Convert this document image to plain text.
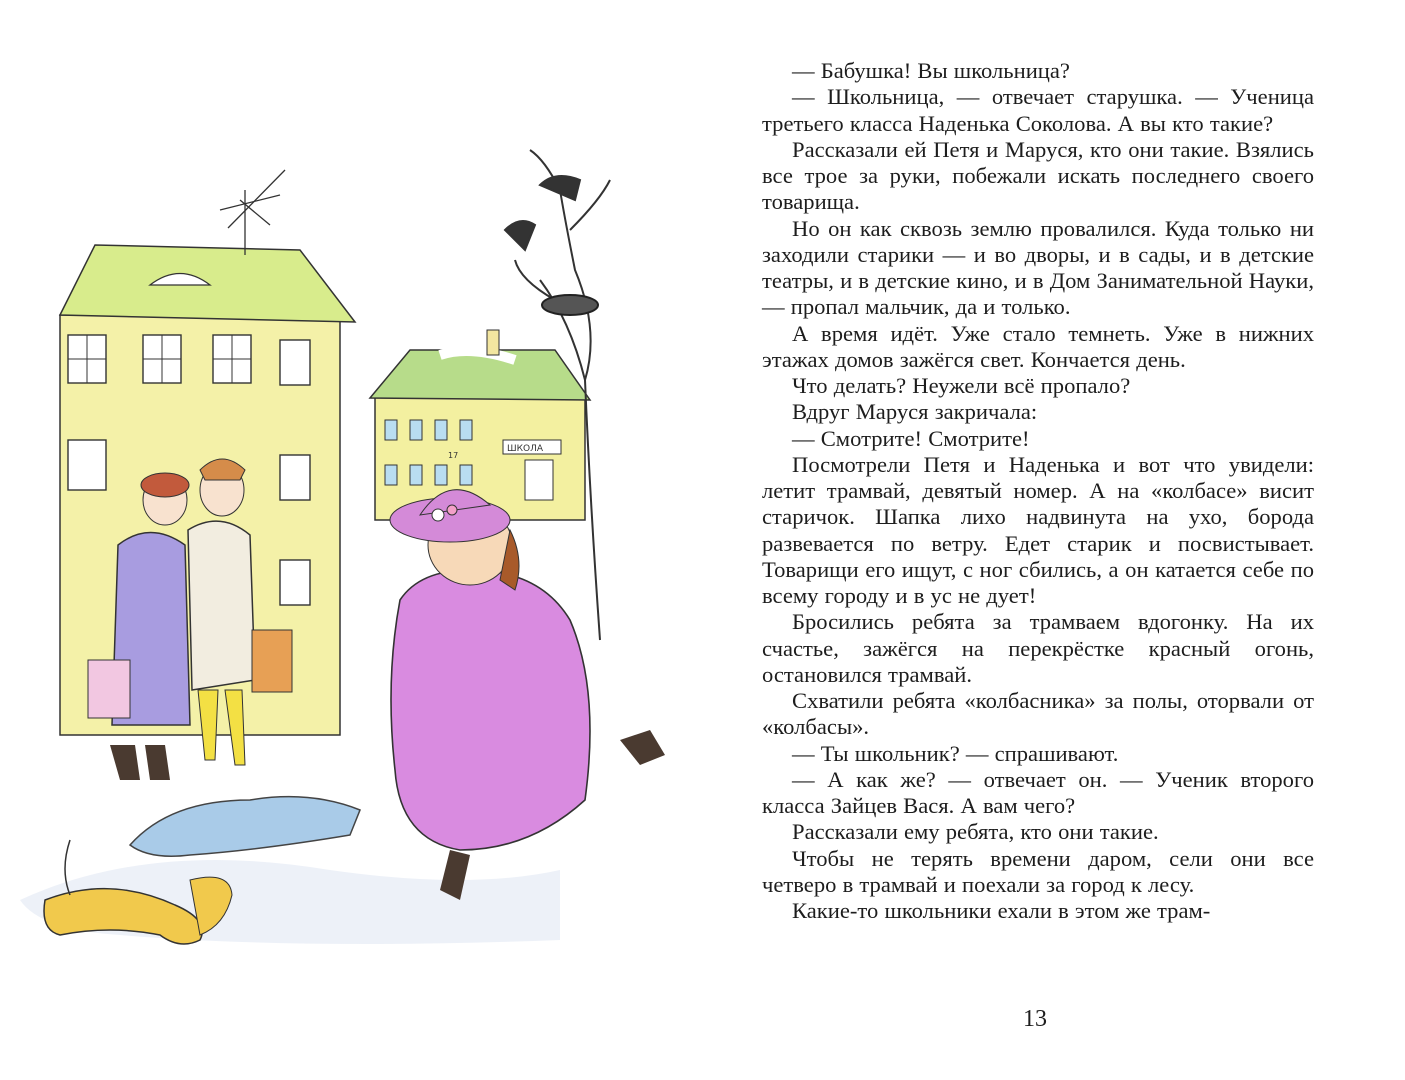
ШКОЛА
17

— Бабушка! Вы школьница?

— Школьница, — отвечает старушка. — Ученица третьего класса Наденька Соколова. А вы кто такие?

Рассказали ей Петя и Маруся, кто они такие. Взялись все трое за руки, побежали искать последнего своего товарища.

Но он как сквозь землю провалился. Куда только ни заходили старики — и во дворы, и в сады, и в детские театры, и в детские кино, и в Дом Занимательной Науки, — пропал мальчик, да и только.

А время идёт. Уже стало темнеть. Уже в нижних этажах домов зажёгся свет. Кончается день.

Что делать? Неужели всё пропало?

Вдруг Маруся закричала:

— Смотрите! Смотрите!

Посмотрели Петя и Наденька и вот что увидели: летит трамвай, девятый номер. А на «колбасе» висит старичок. Шапка лихо надвинута на ухо, борода развевается по ветру. Едет старик и посвистывает. Товарищи его ищут, с ног сбились, а он катается себе по всему городу и в ус не дует!

Бросились ребята за трамваем вдогонку. На их счастье, зажёгся на перекрёстке красный огонь, остановился трамвай.

Схватили ребята «колбасника» за полы, оторвали от «колбасы».

— Ты школьник? — спрашивают.

— А как же? — отвечает он. — Ученик второго класса Зайцев Вася. А вам чего?

Рассказали ему ребята, кто они такие.

Чтобы не терять времени даром, сели они все четверо в трамвай и поехали за город к лесу.

Какие-то школьники ехали в этом же трам-

13
